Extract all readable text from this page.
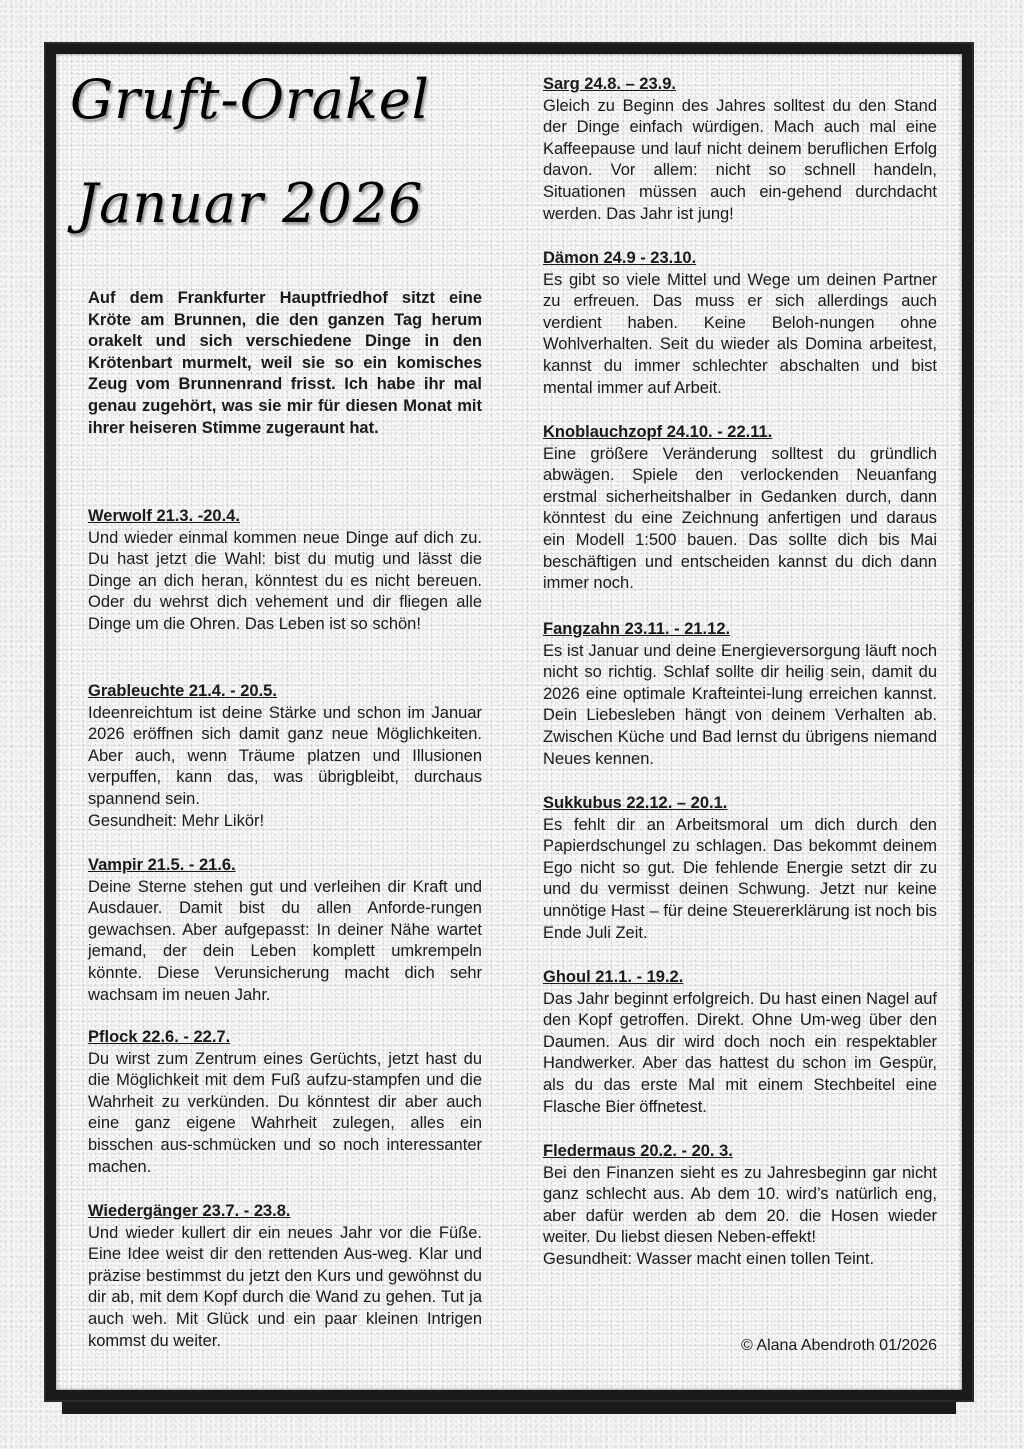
Gruft-Orakel
Januar 2026
Auf dem Frankfurter Hauptfriedhof sitzt eine Kröte am Brunnen, die den ganzen Tag herum orakelt und sich verschiedene Dinge in den Krötenbart murmelt, weil sie so ein komisches Zeug vom Brunnenrand frisst. Ich habe ihr mal genau zugehört, was sie mir für diesen Monat mit ihrer heiseren Stimme zugeraunt hat.
Werwolf 21.3. -20.4.

Und wieder einmal kommen neue Dinge auf dich zu. Du hast jetzt die Wahl: bist du mutig und lässt die Dinge an dich heran, könntest du es nicht bereuen. Oder du wehrst dich vehement und dir fliegen alle Dinge um die Ohren. Das Leben ist so schön!

Grableuchte 21.4. - 20.5.

Ideenreichtum ist deine Stärke und schon im Januar 2026 eröffnen sich damit ganz neue Möglichkeiten. Aber auch, wenn Träume platzen und Illusionen verpuffen, kann das, was übrigbleibt, durchaus spannend sein.

Gesundheit: Mehr Likör!

Vampir 21.5. - 21.6.

Deine Sterne stehen gut und verleihen dir Kraft und Ausdauer. Damit bist du allen Anforde-rungen gewachsen. Aber aufgepasst: In deiner Nähe wartet jemand, der dein Leben komplett umkrempeln könnte. Diese Verunsicherung macht dich sehr wachsam im neuen Jahr.

Pflock 22.6. - 22.7.

Du wirst zum Zentrum eines Gerüchts, jetzt hast du die Möglichkeit mit dem Fuß aufzu-stampfen und die Wahrheit zu verkünden. Du könntest dir aber auch eine ganz eigene Wahrheit zulegen, alles ein bisschen aus-schmücken und so noch interessanter machen.

Wiedergänger 23.7. - 23.8.

Und wieder kullert dir ein neues Jahr vor die Füße. Eine Idee weist dir den rettenden Aus-weg. Klar und präzise bestimmst du jetzt den Kurs und gewöhnst du dir ab, mit dem Kopf durch die Wand zu gehen. Tut ja auch weh. Mit Glück und ein paar kleinen Intrigen kommst du weiter.

Sarg 24.8. – 23.9.

Gleich zu Beginn des Jahres solltest du den Stand der Dinge einfach würdigen. Mach auch mal eine Kaffeepause und lauf nicht deinem beruflichen Erfolg davon. Vor allem: nicht so schnell handeln, Situationen müssen auch ein-gehend durchdacht werden. Das Jahr ist jung!

Dämon 24.9 - 23.10.

Es gibt so viele Mittel und Wege um deinen Partner zu erfreuen. Das muss er sich allerdings auch verdient haben. Keine Beloh-nungen ohne Wohlverhalten. Seit du wieder als Domina arbeitest, kannst du immer schlechter abschalten und bist mental immer auf Arbeit.

Knoblauchzopf 24.10. - 22.11.

Eine größere Veränderung solltest du gründlich abwägen. Spiele den verlockenden Neuanfang erstmal sicherheitshalber in Gedanken durch, dann könntest du eine Zeichnung anfertigen und daraus ein Modell 1:500 bauen. Das sollte dich bis Mai beschäftigen und entscheiden kannst du dich dann immer noch.

Fangzahn 23.11. - 21.12.

Es ist Januar und deine Energieversorgung läuft noch nicht so richtig. Schlaf sollte dir heilig sein, damit du 2026 eine optimale Krafteintei-lung erreichen kannst. Dein Liebesleben hängt von deinem Verhalten ab. Zwischen Küche und Bad lernst du übrigens niemand Neues kennen.

Sukkubus 22.12. – 20.1.

Es fehlt dir an Arbeitsmoral um dich durch den Papierdschungel zu schlagen. Das bekommt deinem Ego nicht so gut. Die fehlende Energie setzt dir zu und du vermisst deinen Schwung. Jetzt nur keine unnötige Hast – für deine Steuererklärung ist noch bis Ende Juli Zeit.

Ghoul 21.1. - 19.2.

Das Jahr beginnt erfolgreich. Du hast einen Nagel auf den Kopf getroffen. Direkt. Ohne Um-weg über den Daumen. Aus dir wird doch noch ein respektabler Handwerker. Aber das hattest du schon im Gespür, als du das erste Mal mit einem Stechbeitel eine Flasche Bier öffnetest.

Fledermaus 20.2. - 20. 3.

Bei den Finanzen sieht es zu Jahresbeginn gar nicht ganz schlecht aus. Ab dem 10. wird’s natürlich eng, aber dafür werden ab dem 20. die Hosen wieder weiter. Du liebst diesen Neben-effekt!

Gesundheit: Wasser macht einen tollen Teint.

© Alana Abendroth 01/2026
